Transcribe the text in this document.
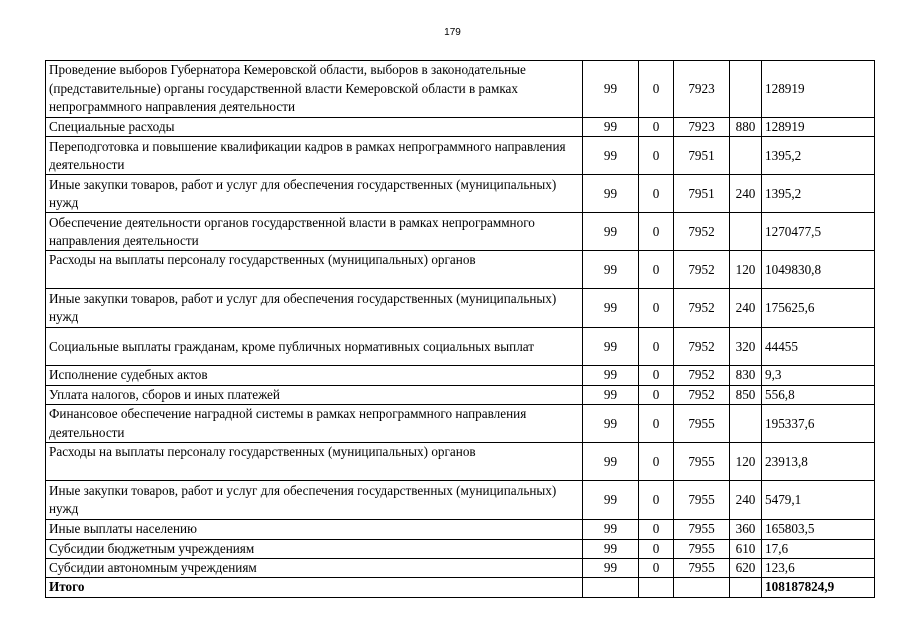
179
Проведение выборов Губернатора Кемеровской области, выборов в законодательные (представительные) органы государственной власти Кемеровской области в рамках непрограммного направления деятельности	99	0	7923		128919
Специальные расходы	99	0	7923	880	128919
Переподготовка и повышение квалификации кадров в рамках непрограммного направления деятельности	99	0	7951		1395,2
Иные закупки товаров, работ и услуг для обеспечения государственных (муниципальных) нужд	99	0	7951	240	1395,2
Обеспечение деятельности органов государственной власти в рамках непрограммного направления деятельности	99	0	7952		1270477,5
Расходы на выплаты персоналу государственных (муниципальных) органов	99	0	7952	120	1049830,8
Иные закупки товаров, работ и услуг для обеспечения государственных (муниципальных) нужд	99	0	7952	240	175625,6
Социальные выплаты гражданам, кроме публичных нормативных социальных выплат	99	0	7952	320	44455
Исполнение судебных актов	99	0	7952	830	9,3
Уплата налогов, сборов и иных платежей	99	0	7952	850	556,8
Финансовое обеспечение наградной системы в рамках непрограммного направления деятельности	99	0	7955		195337,6
Расходы на выплаты персоналу государственных (муниципальных) органов	99	0	7955	120	23913,8
Иные закупки товаров, работ и услуг для обеспечения государственных (муниципальных) нужд	99	0	7955	240	5479,1
Иные выплаты населению	99	0	7955	360	165803,5
Субсидии бюджетным учреждениям	99	0	7955	610	17,6
Субсидии автономным учреждениям	99	0	7955	620	123,6
Итого					108187824,9
